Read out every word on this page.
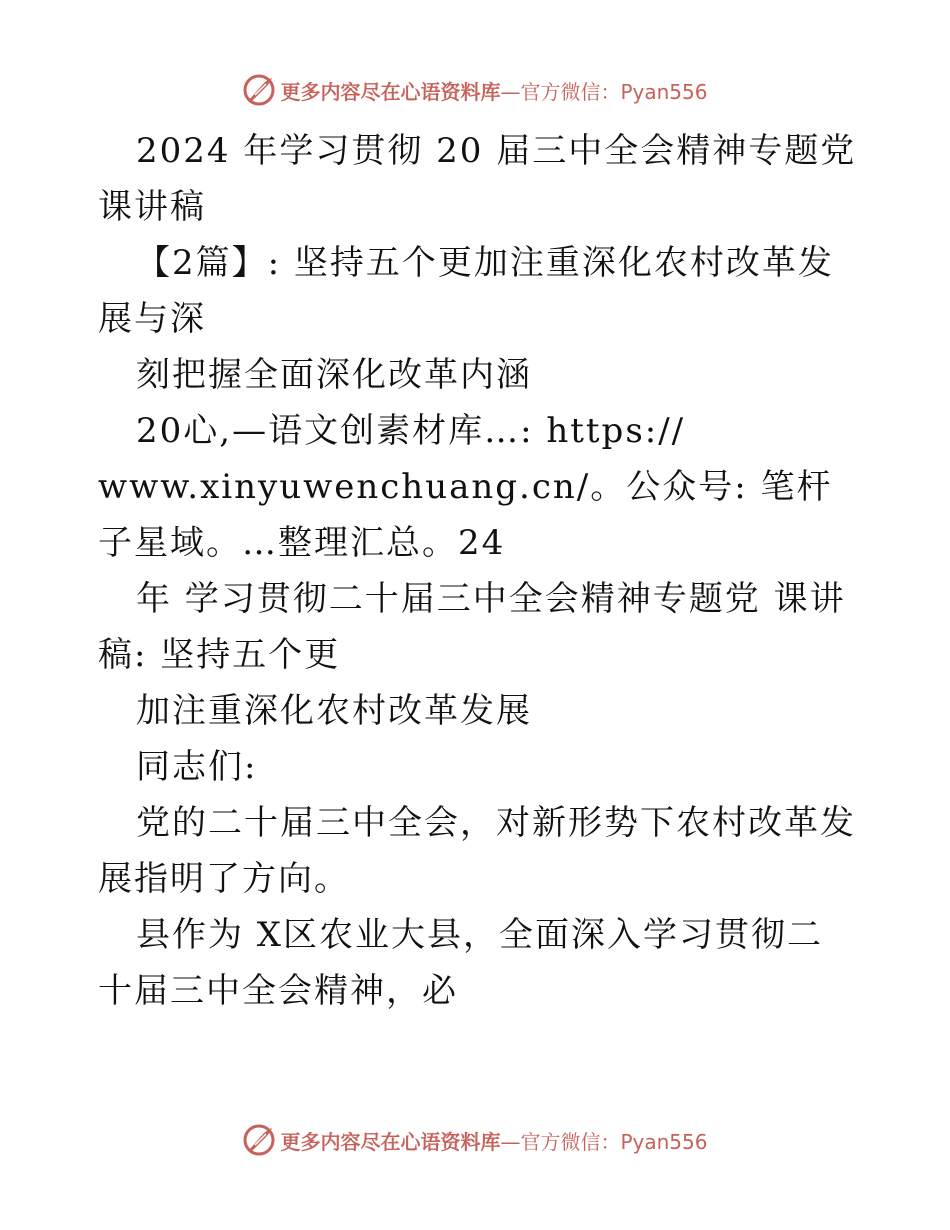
更多内容尽在心语资料库—官方微信：Pyan556

2024 年学习贯彻 20 届三中全会精神专题党课讲稿

【2篇】: 坚持五个更加注重深化农村改革发展与深

刻把握全面深化改革内涵

20心,—语文创素材库…: https://

www.xinyuwenchuang.cn/。公众号: 笔杆子星域。…整理汇总。24

年 学习贯彻二十届三中全会精神专题党 课讲稿: 坚持五个更

加注重深化农村改革发展

同志们:

党的二十届三中全会，对新形势下农村改革发展指明了方向。

县作为 X区农业大县，全面深入学习贯彻二十届三中全会精神，必

更多内容尽在心语资料库—官方微信：Pyan556
